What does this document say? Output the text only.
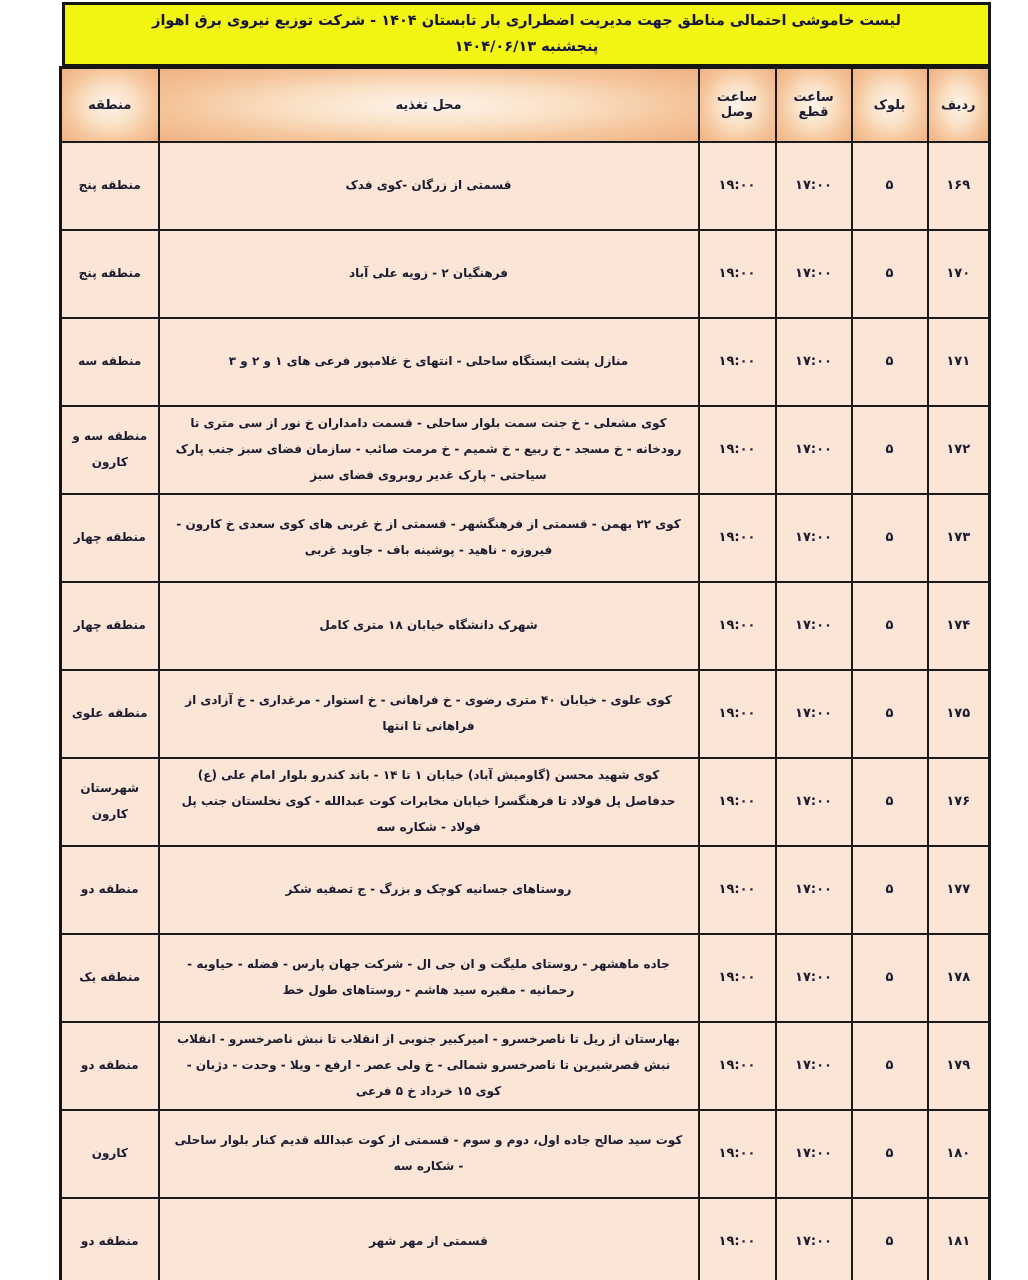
لیست خاموشی احتمالی مناطق جهت مدیریت اضطراری بار تابستان ۱۴۰۴ - شرکت توزیع نیروی برق اهواز
پنجشنبه ۱۴۰۴/۰۶/۱۳
ردیف	بلوک	ساعت قطع	ساعت وصل	محل تغذیه	منطقه
۱۶۹	۵	۱۷:۰۰	۱۹:۰۰	قسمتی از زرگان -کوی فدک	منطقه پنج
۱۷۰	۵	۱۷:۰۰	۱۹:۰۰	فرهنگیان ۲ - زویه علی آباد	منطقه پنج
۱۷۱	۵	۱۷:۰۰	۱۹:۰۰	منازل پشت ایستگاه ساحلی - انتهای خ غلامپور فرعی های ۱ و ۲ و ۳	منطقه سه
۱۷۲	۵	۱۷:۰۰	۱۹:۰۰	کوی مشعلی - خ جنت سمت بلوار ساحلی - قسمت دامداران خ نور از سی متری تا رودخانه - خ مسجد - خ ربیع - خ شمیم - خ مرمت صائب - سازمان فضای سبز جنب پارک سیاحتی - پارک غدیر روبروی فضای سبز	منطقه سه و کارون
۱۷۳	۵	۱۷:۰۰	۱۹:۰۰	کوی ۲۲ بهمن - قسمتی از فرهنگشهر - قسمتی از خ غربی های کوی سعدی خ کارون - فیروزه - ناهید - پوشینه باف - جاوید غربی	منطقه چهار
۱۷۴	۵	۱۷:۰۰	۱۹:۰۰	شهرک دانشگاه خیابان ۱۸ متری کامل	منطقه چهار
۱۷۵	۵	۱۷:۰۰	۱۹:۰۰	کوی علوی - خیابان ۴۰ متری رضوی - خ فراهانی - خ استوار - مرغداری - خ آزادی از فراهانی تا انتها	منطقه علوی
۱۷۶	۵	۱۷:۰۰	۱۹:۰۰	کوی شهید محسن (گاومیش آباد) خیابان ۱ تا ۱۴ - باند کندرو بلوار امام علی (ع) حدفاصل پل فولاد تا فرهنگسرا خیابان مخابرات کوت عبدالله - کوی نخلستان جنب پل فولاد - شکاره سه	شهرستان کارون
۱۷۷	۵	۱۷:۰۰	۱۹:۰۰	روستاهای جسانیه کوچک و بزرگ - ج تصفیه شکر	منطقه دو
۱۷۸	۵	۱۷:۰۰	۱۹:۰۰	جاده ماهشهر - روستای ملیگت و ان جی ال - شرکت جهان پارس - فضله - حیاویه - رحمانیه - مقبره سید هاشم - روستاهای طول خط	منطقه یک
۱۷۹	۵	۱۷:۰۰	۱۹:۰۰	بهارستان از ریل تا ناصرخسرو - امیرکبیر جنوبی از انقلاب تا نبش ناصرخسرو - انقلاب نبش قصرشیرین تا ناصرخسرو شمالی - خ ولی عصر - ارفع - ویلا - وحدت - دژبان - کوی ۱۵ خرداد خ ۵ فرعی	منطقه دو
۱۸۰	۵	۱۷:۰۰	۱۹:۰۰	کوت سید صالح جاده اول، دوم و سوم - قسمتی از کوت عبدالله قدیم کنار بلوار ساحلی - شکاره سه	کارون
۱۸۱	۵	۱۷:۰۰	۱۹:۰۰	قسمتی از مهر شهر	منطقه دو
